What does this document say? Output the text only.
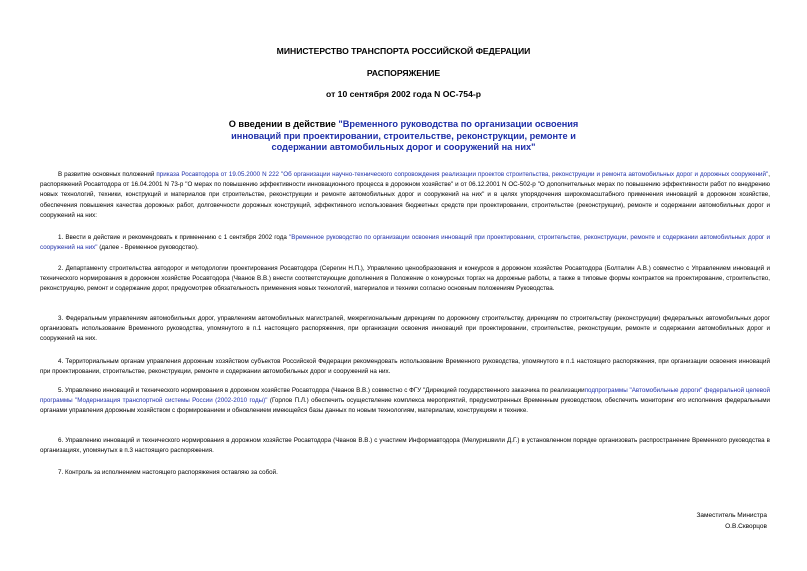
МИНИСТЕРСТВО ТРАНСПОРТА РОССИЙСКОЙ ФЕДЕРАЦИИ
РАСПОРЯЖЕНИЕ
от 10 сентября 2002 года N ОС-754-р
О введении в действие "Временного руководства по организации освоения инноваций при проектировании, строительстве, реконструкции, ремонте и содержании автомобильных дорог и сооружений на них"

В развитие основных положений приказа Росавтодора от 19.05.2000 N 222 "Об организации научно-технического сопровождения реализации проектов строительства, реконструкции и ремонта автомобильных дорог и дорожных сооружений", распоряжений Росавтодора от 16.04.2001 N 73-р "О мерах по повышению эффективности инновационного процесса в дорожном хозяйстве" и от 06.12.2001 N ОС-502-р "О дополнительных мерах по повышению эффективности работ по внедрению новых технологий, техники, конструкций и материалов при строительстве, реконструкции и ремонте автомобильных дорог и сооружений на них" и в целях упорядочения широкомасштабного применения инноваций в дорожном хозяйстве, обеспечения повышения качества дорожных работ, долговечности дорожных конструкций, эффективного использования бюджетных средств при проектировании, строительстве (реконструкции), ремонте и содержании автомобильных дорог и сооружений на них:

1. Ввести в действие и рекомендовать к применению с 1 сентября 2002 года "Временное руководство по организации освоения инноваций при проектировании, строительстве, реконструкции, ремонте и содержании автомобильных дорог и сооружений на них" (далее - Временное руководство).

2. Департаменту строительства автодорог и методологии проектирования Росавтодора (Серегин Н.П.), Управлению ценообразования и конкурсов в дорожном хозяйстве Росавтодора (Болталин А.В.) совместно с Управлением инноваций и технического нормирования в дорожном хозяйстве Росавтодора (Чванов В.В.) внести соответствующие дополнения в Положение о конкурсных торгах на дорожные работы, а также в типовые формы контрактов на проектирование, строительство, реконструкцию, ремонт и содержание дорог, предусмотрев обязательность применения новых технологий, материалов и техники согласно основным положениям Руководства.

3. Федеральным управлениям автомобильных дорог, управлениям автомобильных магистралей, межрегиональным дирекциям по дорожному строительству, дирекциям по строительству (реконструкции) федеральных автомобильных дорог организовать использование Временного руководства, упомянутого в п.1 настоящего распоряжения, при организации освоения инноваций при проектировании, строительстве, реконструкции, ремонте и содержании автомобильных дорог и сооружений на них.

4. Территориальным органам управления дорожным хозяйством субъектов Российской Федерации рекомендовать использование Временного руководства, упомянутого в п.1 настоящего распоряжения, при организации освоения инноваций при проектировании, строительстве, реконструкции, ремонте и содержании автомобильных дорог и сооружений на них.

5. Управлению инноваций и технического нормирования в дорожном хозяйстве Росавтодора (Чванов В.В.) совместно с ФГУ "Дирекцией государственного заказчика по реализацииподпрограммы "Автомобильные дороги" федеральной целевой программы "Модернизация транспортной системы России (2002-2010 годы)" (Горлов П.Л.) обеспечить осуществление комплекса мероприятий, предусмотренных Временным руководством, обеспечить мониторинг его исполнения федеральными органами управления дорожным хозяйством с формированием и обновлением имеющейся базы данных по новым технологиям, материалам, конструкциям и технике.

6. Управлению инноваций и технического нормирования в дорожном хозяйстве Росавтодора (Чванов В.В.) с участием Информавтодора (Мелуришвили Д.Г.) в установленном порядке организовать распространение Временного руководства в организациях, упомянутых в п.3 настоящего распоряжения.

7. Контроль за исполнением настоящего распоряжения оставляю за собой.

Заместитель Министра
О.В.Скворцов
